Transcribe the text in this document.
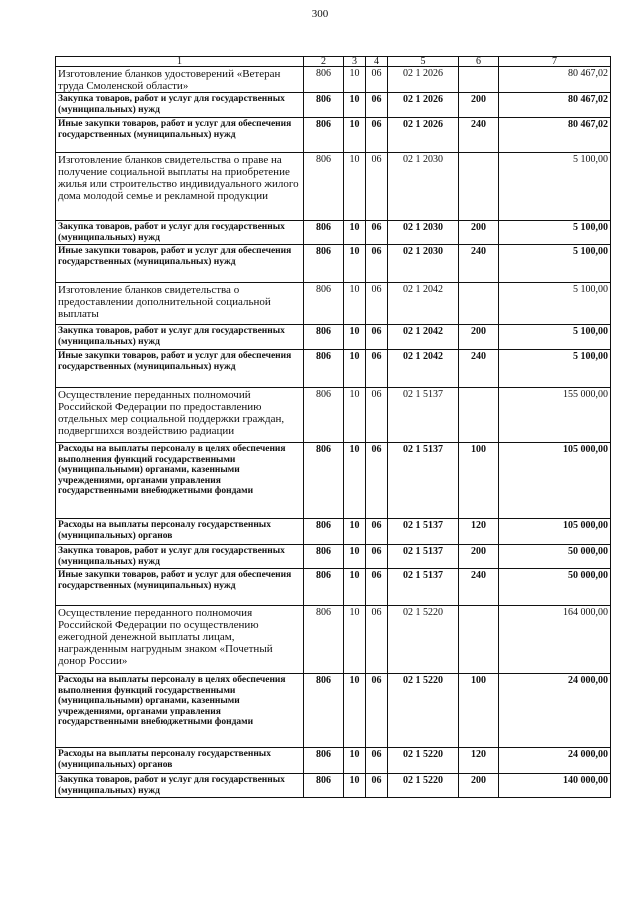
300
1	2	3	4	5	6	7
Изготовление бланков удостоверений «Ветеран труда Смоленской области»	806	10	06	02 1 2026		80 467,02
Закупка товаров, работ и услуг для государственных (муниципальных) нужд	806	10	06	02 1 2026	200	80 467,02
Иные закупки товаров, работ и услуг для обеспечения государственных (муниципальных) нужд	806	10	06	02 1 2026	240	80 467,02
Изготовление бланков свидетельства о праве на получение социальной выплаты на приобретение жилья или строительство индивидуального жилого дома молодой семье и рекламной продукции	806	10	06	02 1 2030		5 100,00
Закупка товаров, работ и услуг для государственных (муниципальных) нужд	806	10	06	02 1 2030	200	5 100,00
Иные закупки товаров, работ и услуг для обеспечения государственных (муниципальных) нужд	806	10	06	02 1 2030	240	5 100,00
Изготовление бланков свидетельства о предоставлении дополнительной социальной выплаты	806	10	06	02 1 2042		5 100,00
Закупка товаров, работ и услуг для государственных (муниципальных) нужд	806	10	06	02 1 2042	200	5 100,00
Иные закупки товаров, работ и услуг для обеспечения государственных (муниципальных) нужд	806	10	06	02 1 2042	240	5 100,00
Осуществление переданных полномочий Российской Федерации по предоставлению отдельных мер социальной поддержки граждан, подвергшихся воздействию радиации	806	10	06	02 1 5137		155 000,00
Расходы на выплаты персоналу в целях обеспечения выполнения функций государственными (муниципальными) органами, казенными учреждениями, органами управления государственными внебюджетными фондами	806	10	06	02 1 5137	100	105 000,00
Расходы на выплаты персоналу государственных (муниципальных) органов	806	10	06	02 1 5137	120	105 000,00
Закупка товаров, работ и услуг для государственных (муниципальных) нужд	806	10	06	02 1 5137	200	50 000,00
Иные закупки товаров, работ и услуг для обеспечения государственных (муниципальных) нужд	806	10	06	02 1 5137	240	50 000,00
Осуществление переданного полномочия Российской Федерации по осуществлению ежегодной денежной выплаты лицам, награжденным нагрудным знаком «Почетный донор России»	806	10	06	02 1 5220		164 000,00
Расходы на выплаты персоналу в целях обеспечения выполнения функций государственными (муниципальными) органами, казенными учреждениями, органами управления государственными внебюджетными фондами	806	10	06	02 1 5220	100	24 000,00
Расходы на выплаты персоналу государственных (муниципальных) органов	806	10	06	02 1 5220	120	24 000,00
Закупка товаров, работ и услуг для государственных (муниципальных) нужд	806	10	06	02 1 5220	200	140 000,00
